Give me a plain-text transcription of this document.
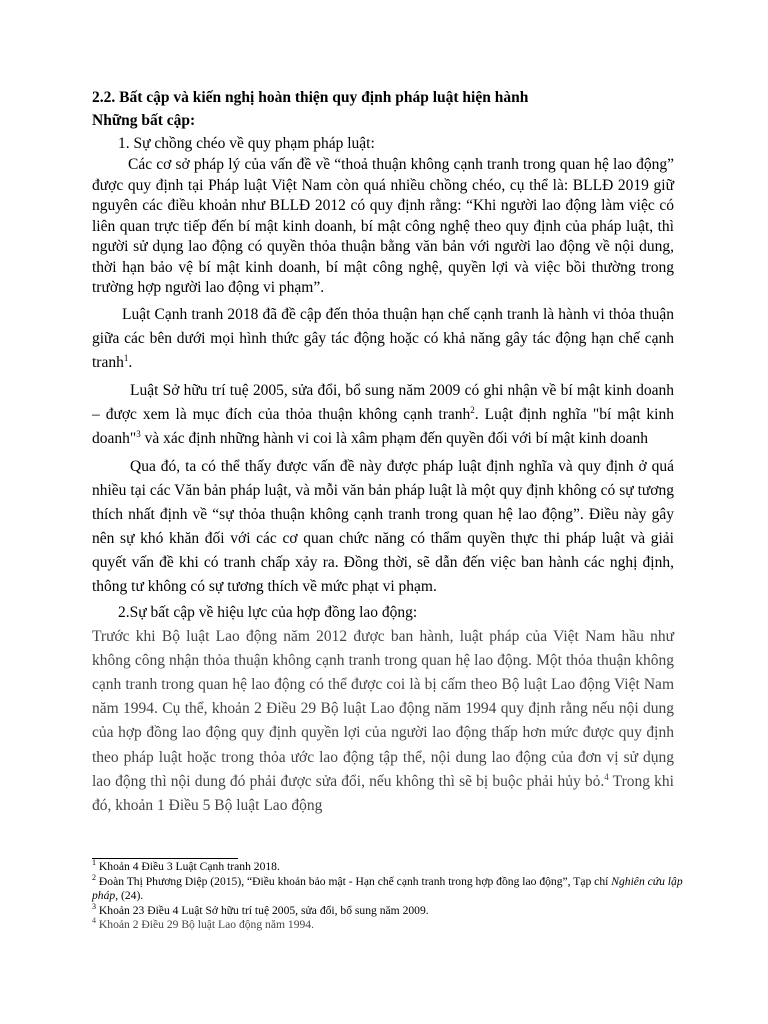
2.2. Bất cập và kiến nghị hoàn thiện quy định pháp luật hiện hành

Những bất cập:

1. Sự chồng chéo về quy phạm pháp luật:

Các cơ sở pháp lý của vấn đề về “thoả thuận không cạnh tranh trong quan hệ lao động” được quy định tại Pháp luật Việt Nam còn quá nhiều chồng chéo, cụ thể là: BLLĐ 2019 giữ nguyên các điều khoản như BLLĐ 2012 có quy định rằng: “Khi người lao động làm việc có liên quan trực tiếp đến bí mật kinh doanh, bí mật công nghệ theo quy định của pháp luật, thì người sử dụng lao động có quyền thỏa thuận bằng văn bản với người lao động về nội dung, thời hạn bảo vệ bí mật kinh doanh, bí mật công nghệ, quyền lợi và việc bồi thường trong trường hợp người lao động vi phạm”.

Luật Cạnh tranh 2018 đã đề cập đến thỏa thuận hạn chế cạnh tranh là hành vi thỏa thuận giữa các bên dưới mọi hình thức gây tác động hoặc có khả năng gây tác động hạn chế cạnh tranh$^1$.

Luật Sở hữu trí tuệ 2005, sửa đổi, bổ sung năm 2009 có ghi nhận về bí mật kinh doanh – được xem là mục đích của thỏa thuận không cạnh tranh$^2$. Luật định nghĩa "bí mật kinh doanh"$^3$ và xác định những hành vi coi là xâm phạm đến quyền đối với bí mật kinh doanh

Qua đó, ta có thể thấy được vấn đề này được pháp luật định nghĩa và quy định ở quá nhiều tại các Văn bản pháp luật, và mỗi văn bản pháp luật là một quy định không có sự tương thích nhất định về “sự thỏa thuận không cạnh tranh trong quan hệ lao động”. Điều này gây nên sự khó khăn đối với các cơ quan chức năng có thẩm quyền thực thi pháp luật và giải quyết vấn đề khi có tranh chấp xảy ra. Đồng thời, sẽ dẫn đến việc ban hành các nghị định, thông tư không có sự tương thích về mức phạt vi phạm.

2.Sự bất cập về hiệu lực của hợp đồng lao động:

Trước khi Bộ luật Lao động năm 2012 được ban hành, luật pháp của Việt Nam hầu như không công nhận thỏa thuận không cạnh tranh trong quan hệ lao động. Một thỏa thuận không cạnh tranh trong quan hệ lao động có thể được coi là bị cấm theo Bộ luật Lao động Việt Nam năm 1994. Cụ thể, khoản 2 Điều 29 Bộ luật Lao động năm 1994 quy định rằng nếu nội dung của hợp đồng lao động quy định quyền lợi của người lao động thấp hơn mức được quy định theo pháp luật hoặc trong thỏa ước lao động tập thể, nội dung lao động của đơn vị sử dụng lao động thì nội dung đó phải được sửa đổi, nếu không thì sẽ bị buộc phải hủy bỏ.$^4$ Trong khi đó, khoản 1 Điều 5 Bộ luật Lao động

$^1$ Khoản 4 Điều 3 Luật Cạnh tranh 2018.

$^2$ Đoàn Thị Phương Diệp (2015), “Điều khoản bảo mật - Hạn chế cạnh tranh trong hợp đồng lao động”, Tạp chí Nghiên cứu lập pháp, (24).

$^3$ Khoản 23 Điều 4 Luật Sở hữu trí tuệ 2005, sửa đổi, bổ sung năm 2009.

$^4$ Khoản 2 Điều 29 Bộ luật Lao động năm 1994.
